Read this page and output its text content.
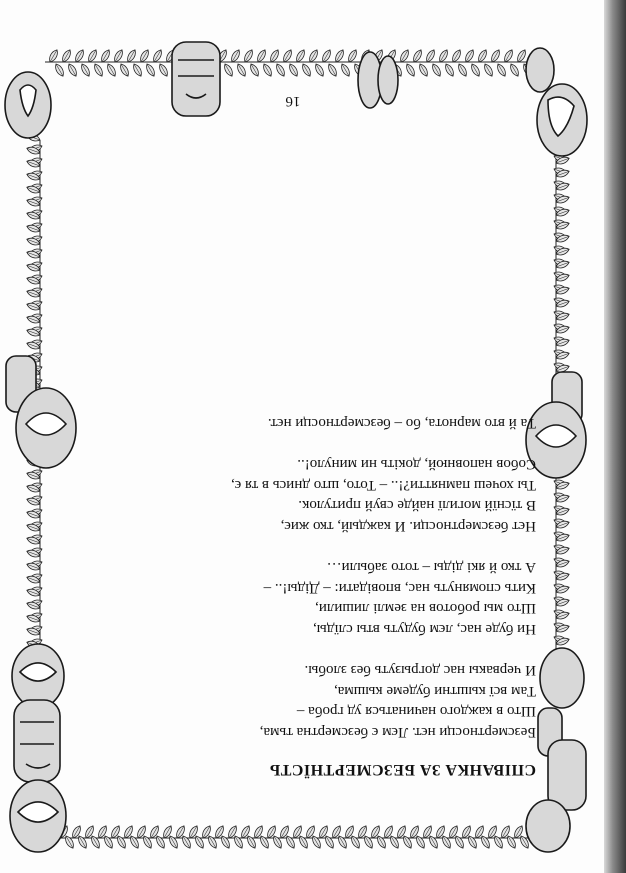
16
СПІВАНКА ЗА БЕЗСМЕРТНЇСТЬ
Безсмертносци нєт. Лєм є безсмертна тьма,
Што в каждого начинаться уд гроба –
Там всї кыштни будеме кышма,
И червакы нас догрызуть без злобы.
Ни буде нас, лєм будуть вты слїды,
Што мы роботов на землі лишили,
Кить спомянуть нас, вповідати: – Діды!.. –
А тко й які діды – тото забыли…
Нєт безсмертносци. И каждый, тко жиє,
В тїснїй могилї найде свуй притулок.
Ты хочеш памнятти?!.. – Тото, што днись в тя є,
Собов наповнюй, докіть ни минуло!..
Та й вто марнота, бо – безсмертносци нєт.
